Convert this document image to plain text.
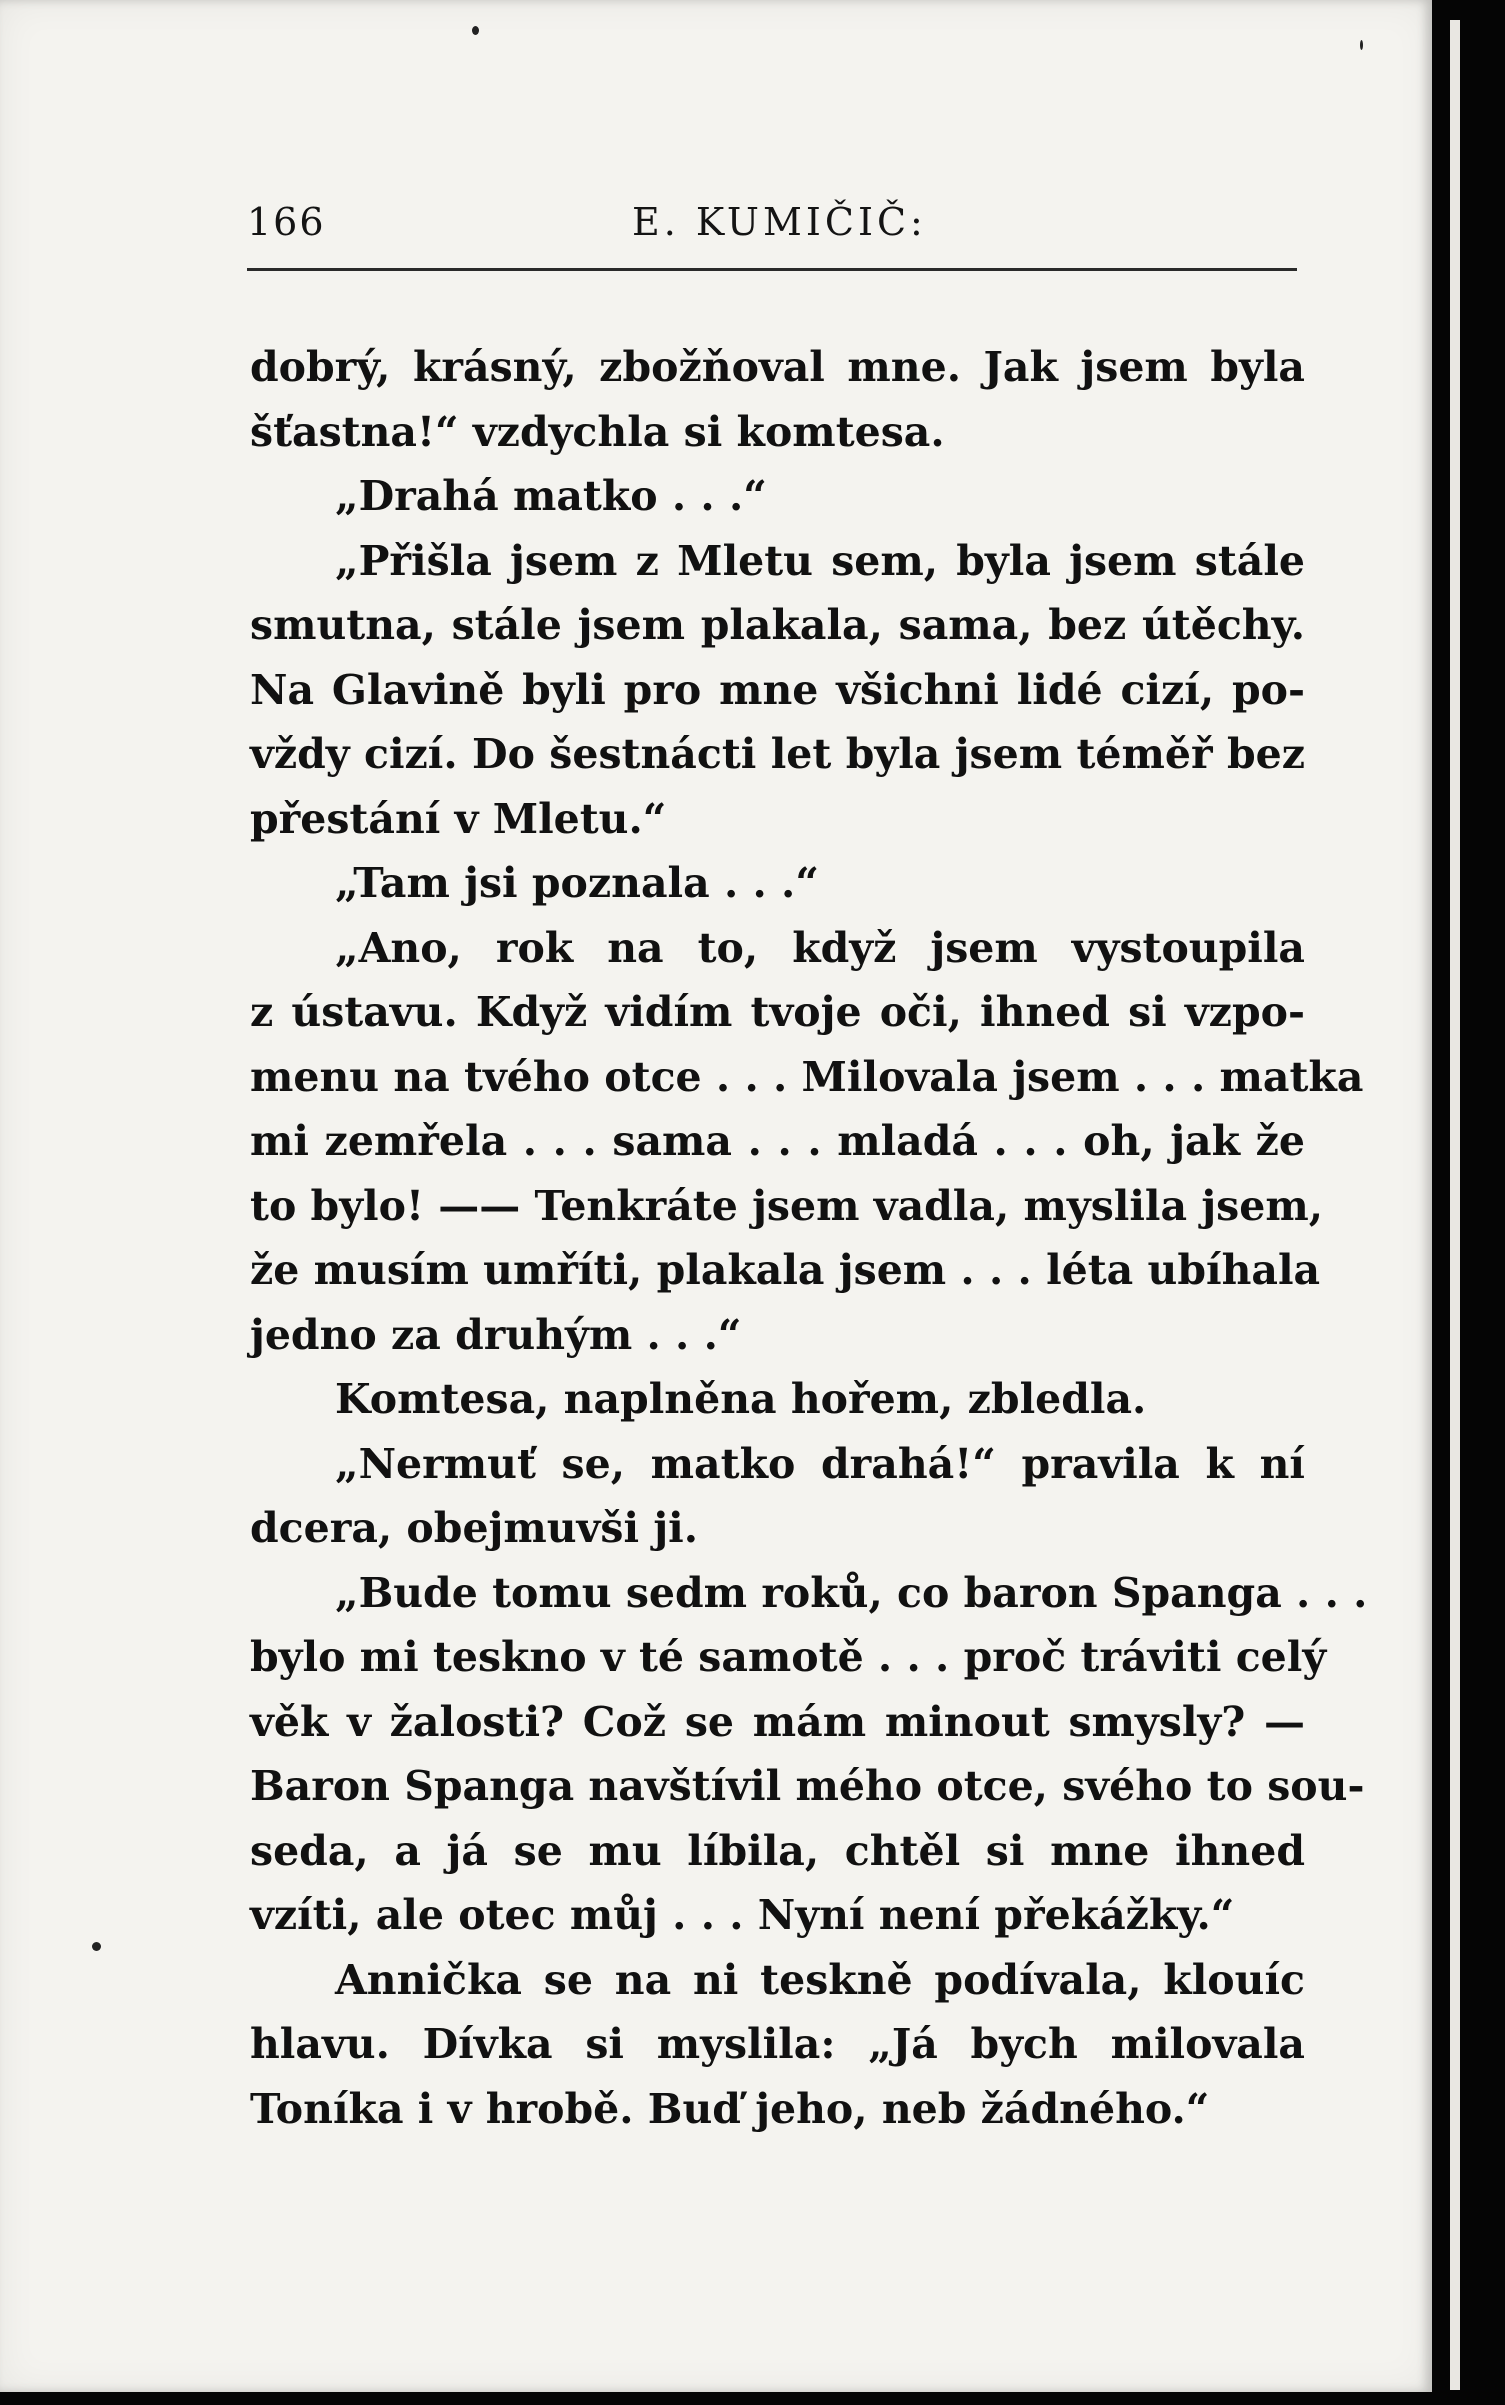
166	E. KUMIČIČ:
dobrý, krásný, zbožňoval mne. Jak jsem byla
šťastna!“ vzdychla si komtesa.
„Drahá matko . . .“
„Přišla jsem z Mletu sem, byla jsem stále
smutna, stále jsem plakala, sama, bez útěchy.
Na Glavině byli pro mne všichni lidé cizí, po-
vždy cizí. Do šestnácti let byla jsem téměř bez
přestání v Mletu.“
„Tam jsi poznala . . .“
„Ano, rok na to, když jsem vystoupila
z ústavu. Když vidím tvoje oči, ihned si vzpo-
menu na tvého otce . . . Milovala jsem . . . matka
mi zemřela . . . sama . . . mladá . . . oh, jak že
to bylo! —— Tenkráte jsem vadla, myslila jsem,
že musím umříti, plakala jsem . . . léta ubíhala
jedno za druhým . . .“
Komtesa, naplněna hořem, zbledla.
„Nermuť se, matko drahá!“ pravila k ní
dcera, obejmuvši ji.
„Bude tomu sedm roků, co baron Spanga . . .
bylo mi teskno v té samotě . . . proč tráviti celý
věk v žalosti? Což se mám minout smysly? —
Baron Spanga navštívil mého otce, svého to sou-
seda, a já se mu líbila, chtěl si mne ihned
vzíti, ale otec můj . . . Nyní není překážky.“
Annička se na ni teskně podívala, klouíc
hlavu. Dívka si myslila: „Já bych milovala
Toníka i v hrobě. Buď jeho, neb žádného.“
